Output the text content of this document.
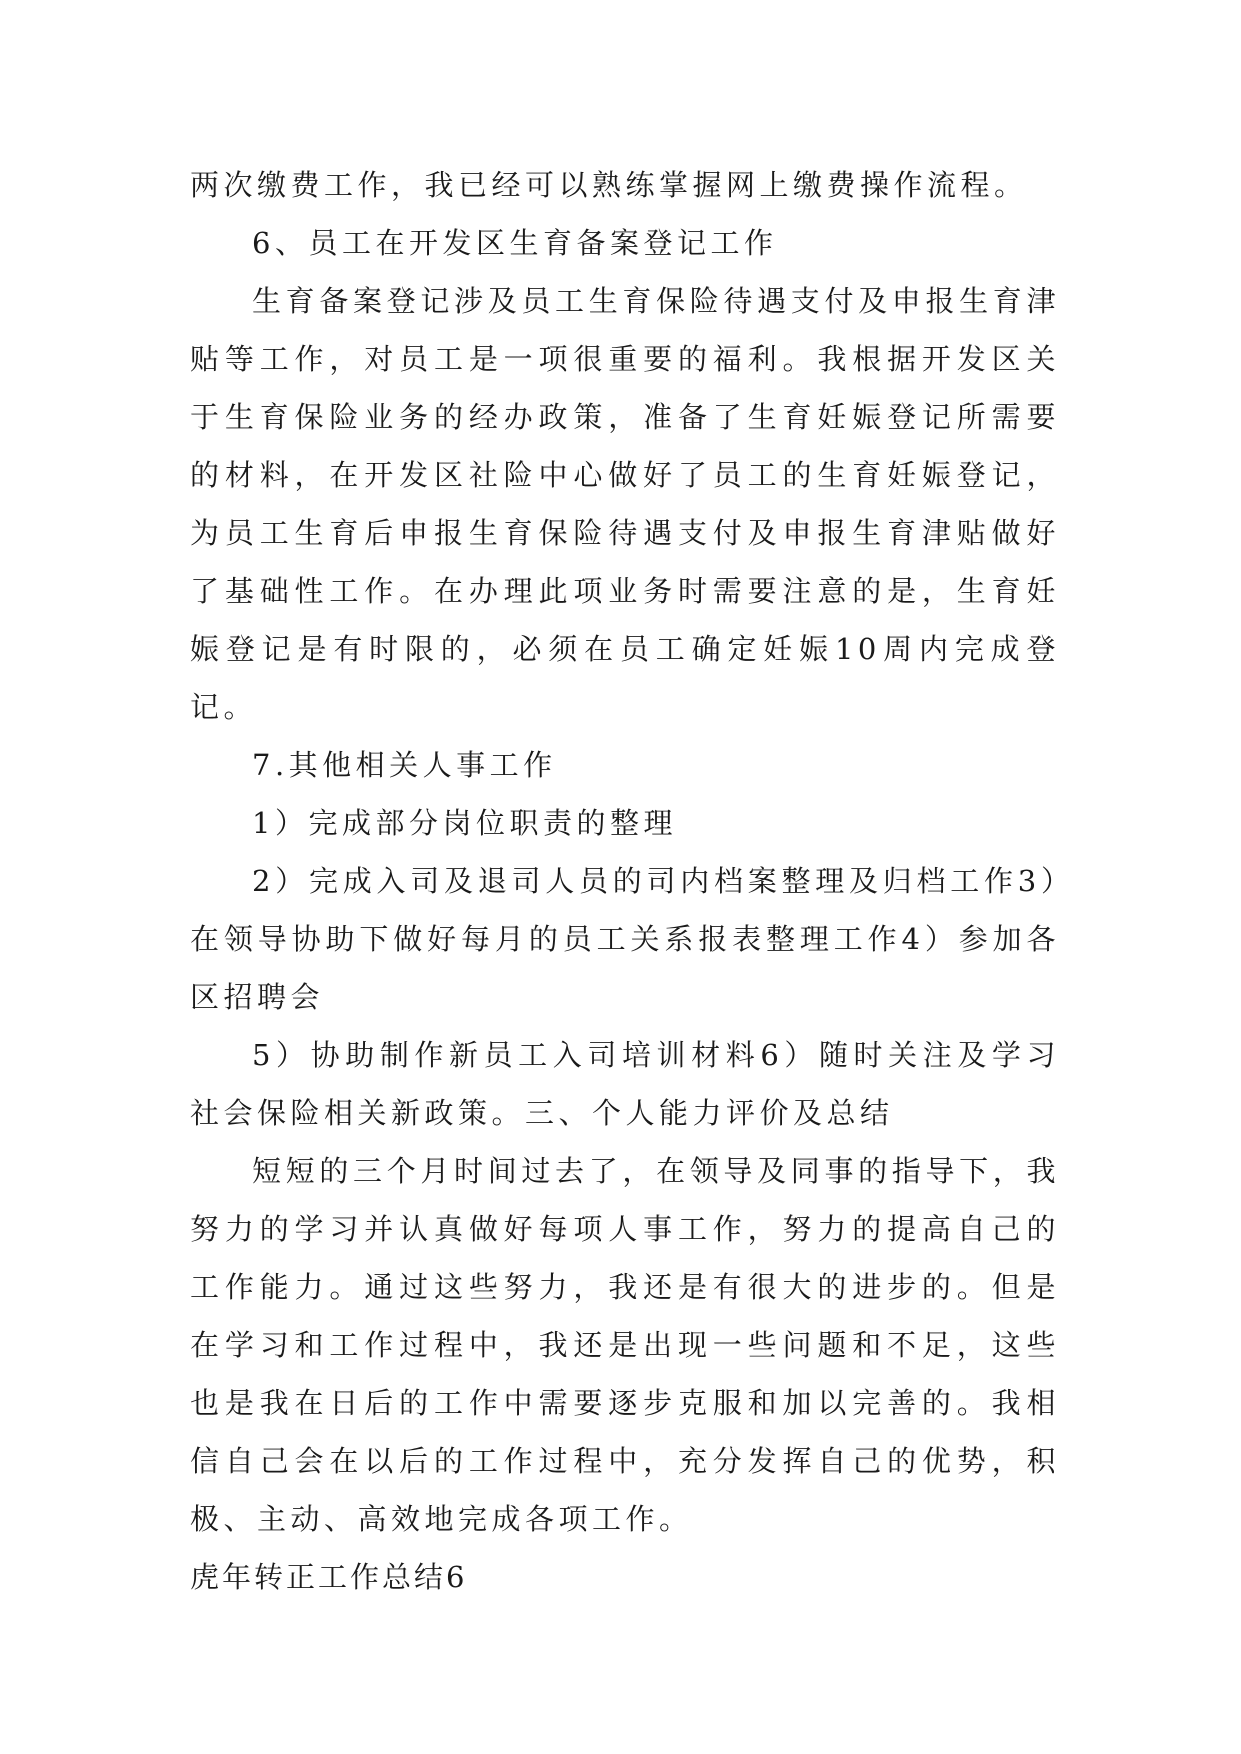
两次缴费工作，我已经可以熟练掌握网上缴费操作流程。

6、员工在开发区生育备案登记工作

生育备案登记涉及员工生育保险待遇支付及申报生育津贴等工作，对员工是一项很重要的福利。我根据开发区关于生育保险业务的经办政策，准备了生育妊娠登记所需要的材料，在开发区社险中心做好了员工的生育妊娠登记，为员工生育后申报生育保险待遇支付及申报生育津贴做好了基础性工作。在办理此项业务时需要注意的是，生育妊娠登记是有时限的，必须在员工确定妊娠10周内完成登记。

7.其他相关人事工作

1）完成部分岗位职责的整理

2）完成入司及退司人员的司内档案整理及归档工作3）在领导协助下做好每月的员工关系报表整理工作4）参加各区招聘会

5）协助制作新员工入司培训材料6）随时关注及学习社会保险相关新政策。三、个人能力评价及总结

短短的三个月时间过去了，在领导及同事的指导下，我努力的学习并认真做好每项人事工作，努力的提高自己的工作能力。通过这些努力，我还是有很大的进步的。但是在学习和工作过程中，我还是出现一些问题和不足，这些也是我在日后的工作中需要逐步克服和加以完善的。我相信自己会在以后的工作过程中，充分发挥自己的优势，积极、主动、高效地完成各项工作。

虎年转正工作总结6
